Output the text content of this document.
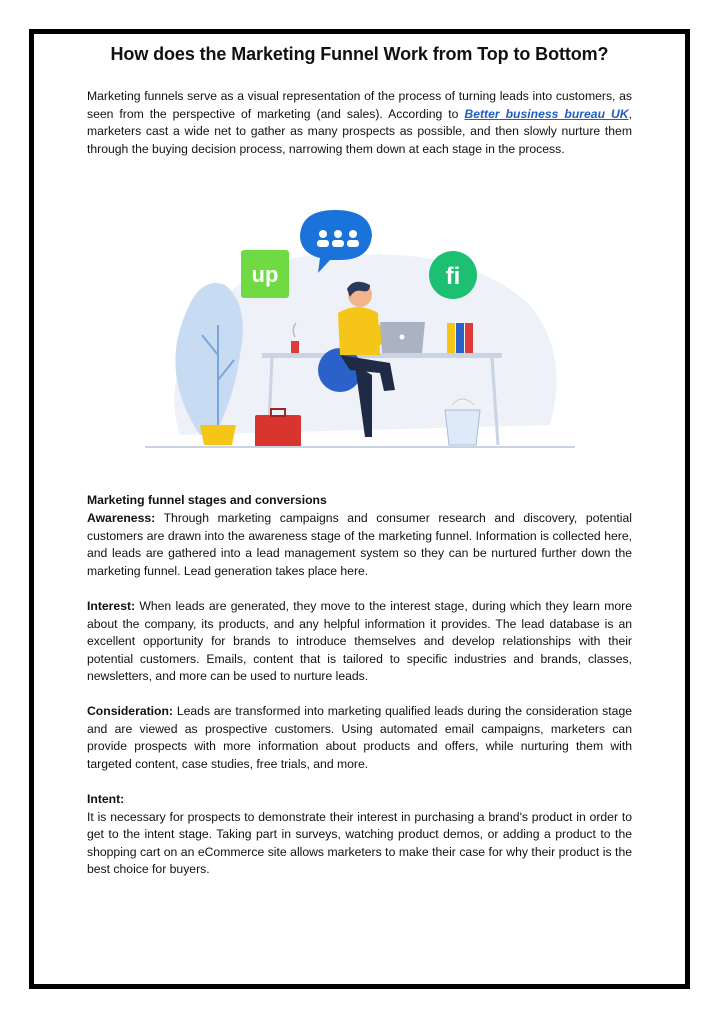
How does the Marketing Funnel Work from Top to Bottom?

Marketing funnels serve as a visual representation of the process of turning leads into customers, as seen from the perspective of marketing (and sales). According to Better business bureau UK, marketers cast a wide net to gather as many prospects as possible, and then slowly nurture them through the buying decision process, narrowing them down at each stage in the process.

up	fi
Marketing funnel stages and conversions

Awareness: Through marketing campaigns and consumer research and discovery, potential customers are drawn into the awareness stage of the marketing funnel. Information is collected here, and leads are gathered into a lead management system so they can be nurtured further down the marketing funnel. Lead generation takes place here.

Interest: When leads are generated, they move to the interest stage, during which they learn more about the company, its products, and any helpful information it provides. The lead database is an excellent opportunity for brands to introduce themselves and develop relationships with their potential customers. Emails, content that is tailored to specific industries and brands, classes, newsletters, and more can be used to nurture leads.

Consideration: Leads are transformed into marketing qualified leads during the consideration stage and are viewed as prospective customers. Using automated email campaigns, marketers can provide prospects with more information about products and offers, while nurturing them with targeted content, case studies, free trials, and more.

Intent:
It is necessary for prospects to demonstrate their interest in purchasing a brand's product in order to get to the intent stage. Taking part in surveys, watching product demos, or adding a product to the shopping cart on an eCommerce site allows marketers to make their case for why their product is the best choice for buyers.
